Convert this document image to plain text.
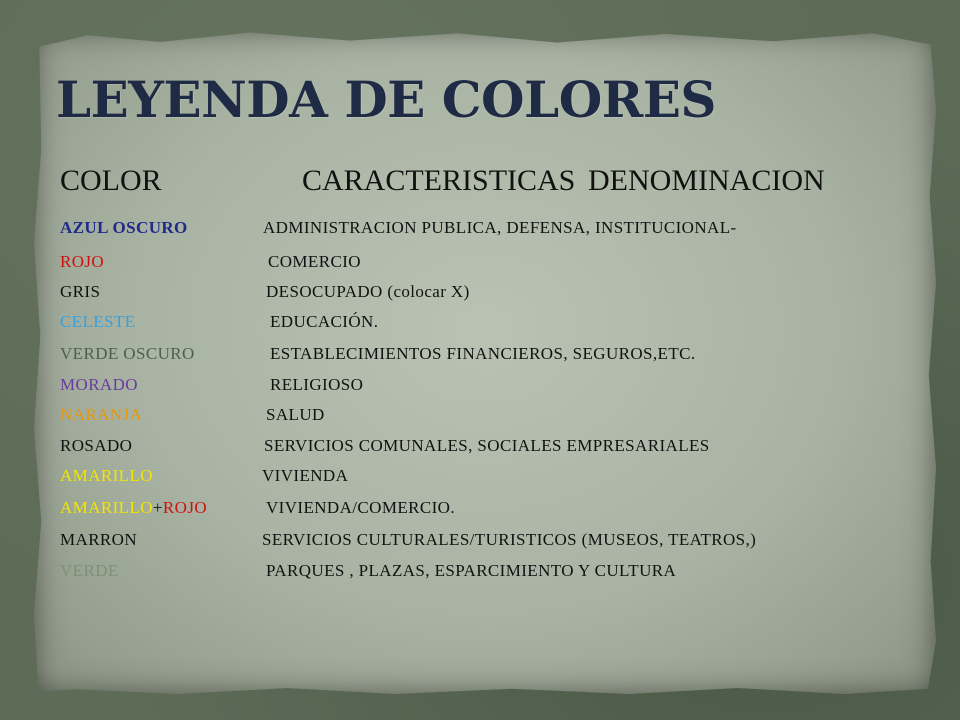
LEYENDA DE COLORES
COLOR	CARACTERISTICAS DENOMINACION
AZUL OSCURO	ADMINISTRACION PUBLICA, DEFENSA, INSTITUCIONAL-
ROJO	COMERCIO
GRIS	DESOCUPADO (colocar X)
CELESTE	EDUCACIÓN.
VERDE OSCURO	ESTABLECIMIENTOS FINANCIEROS, SEGUROS,ETC.
MORADO	RELIGIOSO
NARANJA	SALUD
ROSADO	SERVICIOS COMUNALES, SOCIALES EMPRESARIALES
AMARILLO	VIVIENDA
AMARILLO+ROJO	VIVIENDA/COMERCIO.
MARRON	SERVICIOS CULTURALES/TURISTICOS (MUSEOS, TEATROS,)
VERDE	PARQUES , PLAZAS, ESPARCIMIENTO Y CULTURA
